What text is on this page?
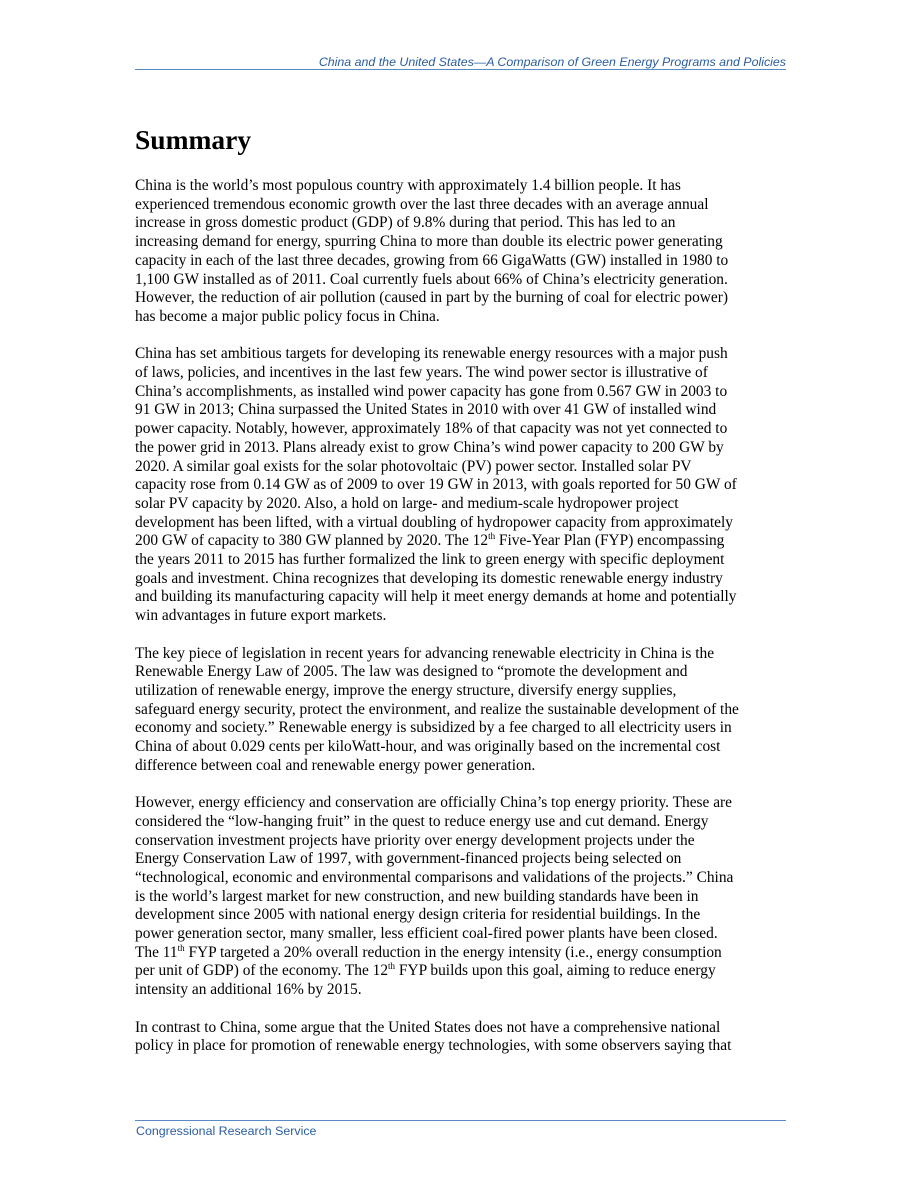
China and the United States—A Comparison of Green Energy Programs and Policies
Summary

China is the world’s most populous country with approximately 1.4 billion people. It has
experienced tremendous economic growth over the last three decades with an average annual
increase in gross domestic product (GDP) of 9.8% during that period. This has led to an
increasing demand for energy, spurring China to more than double its electric power generating
capacity in each of the last three decades, growing from 66 GigaWatts (GW) installed in 1980 to
1,100 GW installed as of 2011. Coal currently fuels about 66% of China’s electricity generation.
However, the reduction of air pollution (caused in part by the burning of coal for electric power)
has become a major public policy focus in China.

China has set ambitious targets for developing its renewable energy resources with a major push
of laws, policies, and incentives in the last few years. The wind power sector is illustrative of
China’s accomplishments, as installed wind power capacity has gone from 0.567 GW in 2003 to
91 GW in 2013; China surpassed the United States in 2010 with over 41 GW of installed wind
power capacity. Notably, however, approximately 18% of that capacity was not yet connected to
the power grid in 2013. Plans already exist to grow China’s wind power capacity to 200 GW by
2020. A similar goal exists for the solar photovoltaic (PV) power sector. Installed solar PV
capacity rose from 0.14 GW as of 2009 to over 19 GW in 2013, with goals reported for 50 GW of
solar PV capacity by 2020. Also, a hold on large- and medium-scale hydropower project
development has been lifted, with a virtual doubling of hydropower capacity from approximately
200 GW of capacity to 380 GW planned by 2020. The 12th Five-Year Plan (FYP) encompassing
the years 2011 to 2015 has further formalized the link to green energy with specific deployment
goals and investment. China recognizes that developing its domestic renewable energy industry
and building its manufacturing capacity will help it meet energy demands at home and potentially
win advantages in future export markets.

The key piece of legislation in recent years for advancing renewable electricity in China is the
Renewable Energy Law of 2005. The law was designed to “promote the development and
utilization of renewable energy, improve the energy structure, diversify energy supplies,
safeguard energy security, protect the environment, and realize the sustainable development of the
economy and society.” Renewable energy is subsidized by a fee charged to all electricity users in
China of about 0.029 cents per kiloWatt-hour, and was originally based on the incremental cost
difference between coal and renewable energy power generation.

However, energy efficiency and conservation are officially China’s top energy priority. These are
considered the “low-hanging fruit” in the quest to reduce energy use and cut demand. Energy
conservation investment projects have priority over energy development projects under the
Energy Conservation Law of 1997, with government-financed projects being selected on
“technological, economic and environmental comparisons and validations of the projects.” China
is the world’s largest market for new construction, and new building standards have been in
development since 2005 with national energy design criteria for residential buildings. In the
power generation sector, many smaller, less efficient coal-fired power plants have been closed.
The 11th FYP targeted a 20% overall reduction in the energy intensity (i.e., energy consumption
per unit of GDP) of the economy. The 12th FYP builds upon this goal, aiming to reduce energy
intensity an additional 16% by 2015.

In contrast to China, some argue that the United States does not have a comprehensive national
policy in place for promotion of renewable energy technologies, with some observers saying that

Congressional Research Service
